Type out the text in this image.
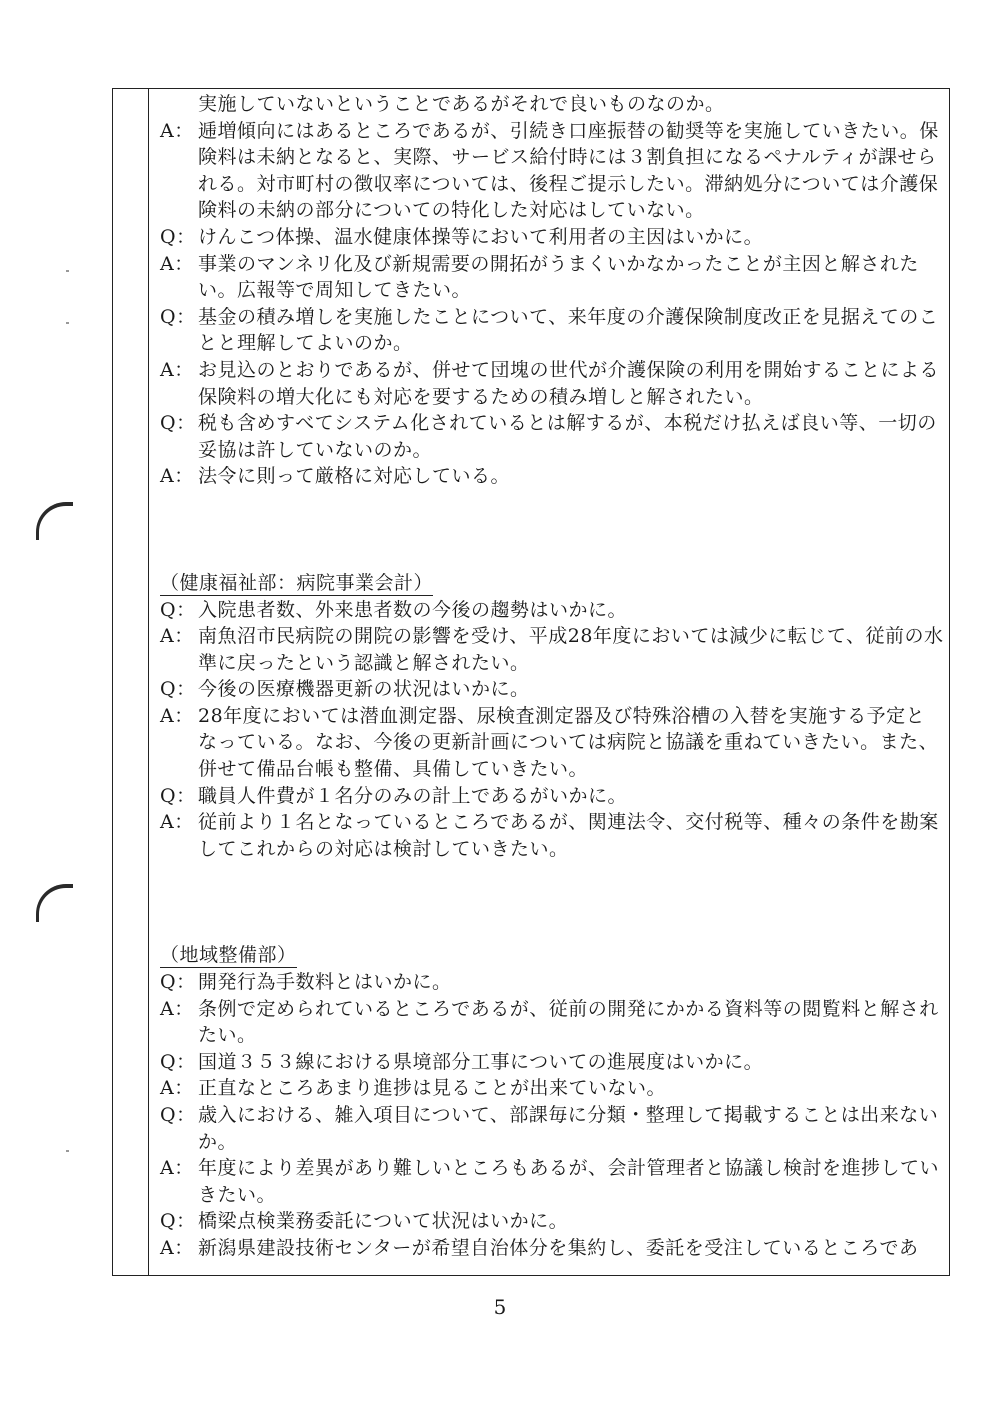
実施していないということであるがそれで良いものなのか。
A： 逓増傾向にはあるところであるが、引続き口座振替の勧奨等を実施していきたい。保険料は未納となると、実際、サービス給付時には３割負担になるペナルティが課せられる。対市町村の徴収率については、後程ご提示したい。滞納処分については介護保険料の未納の部分についての特化した対応はしていない。
Q： けんこつ体操、温水健康体操等において利用者の主因はいかに。
A： 事業のマンネリ化及び新規需要の開拓がうまくいかなかったことが主因と解されたい。広報等で周知してきたい。
Q： 基金の積み増しを実施したことについて、来年度の介護保険制度改正を見据えてのことと理解してよいのか。
A： お見込のとおりであるが、併せて団塊の世代が介護保険の利用を開始することによる保険料の増大化にも対応を要するための積み増しと解されたい。
Q： 税も含めすべてシステム化されているとは解するが、本税だけ払えば良い等、一切の妥協は許していないのか。
A： 法令に則って厳格に対応している。
（健康福祉部：病院事業会計）
Q： 入院患者数、外来患者数の今後の趨勢はいかに。
A： 南魚沼市民病院の開院の影響を受け、平成28年度においては減少に転じて、従前の水準に戻ったという認識と解されたい。
Q： 今後の医療機器更新の状況はいかに。
A： 28年度においては潜血測定器、尿検査測定器及び特殊浴槽の入替を実施する予定となっている。なお、今後の更新計画については病院と協議を重ねていきたい。また、併せて備品台帳も整備、具備していきたい。
Q： 職員人件費が１名分のみの計上であるがいかに。
A： 従前より１名となっているところであるが、関連法令、交付税等、種々の条件を勘案してこれからの対応は検討していきたい。
（地域整備部）
Q： 開発行為手数料とはいかに。
A： 条例で定められているところであるが、従前の開発にかかる資料等の閲覧料と解されたい。
Q： 国道３５３線における県境部分工事についての進展度はいかに。
A： 正直なところあまり進捗は見ることが出来ていない。
Q： 歳入における、雑入項目について、部課毎に分類・整理して掲載することは出来ないか。
A： 年度により差異があり難しいところもあるが、会計管理者と協議し検討を進捗していきたい。
Q： 橋梁点検業務委託について状況はいかに。
A： 新潟県建設技術センターが希望自治体分を集約し、委託を受注しているところであ
5
